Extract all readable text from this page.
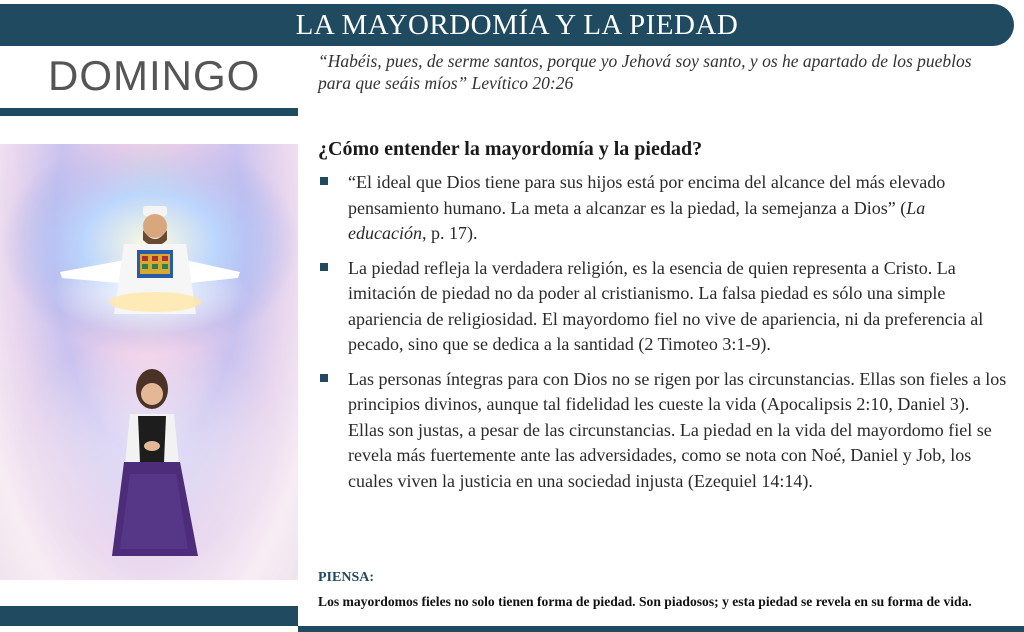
LA MAYORDOMÍA Y LA PIEDAD
DOMINGO	“Habéis, pues, de serme santos, porque yo Jehová soy santo, y os he apartado de los pueblos para que seáis míos” Levítico 20:26
¿Cómo entender la mayordomía y la piedad?
“El ideal que Dios tiene para sus hijos está por encima del alcance del más elevado pensamiento humano. La meta a alcanzar es la piedad, la semejanza a Dios” (La educación, p. 17).
La piedad refleja la verdadera religión, es la esencia de quien representa a Cristo. La imitación de piedad no da poder al cristianismo. La falsa piedad es sólo una simple apariencia de religiosidad. El mayordomo fiel no vive de apariencia, ni da preferencia al pecado, sino que se dedica a la santidad (2 Timoteo 3:1-9).
Las personas íntegras para con Dios no se rigen por las circunstancias. Ellas son fieles a los principios divinos, aunque tal fidelidad les cueste la vida (Apocalipsis 2:10, Daniel 3). Ellas son justas, a pesar de las circunstancias. La piedad en la vida del mayordomo fiel se revela más fuertemente ante las adversidades, como se nota con Noé, Daniel y Job, los cuales viven la justicia en una sociedad injusta (Ezequiel 14:14).
PIENSA:
Los mayordomos fieles no solo tienen forma de piedad. Son piadosos; y esta piedad se revela en su forma de vida.
